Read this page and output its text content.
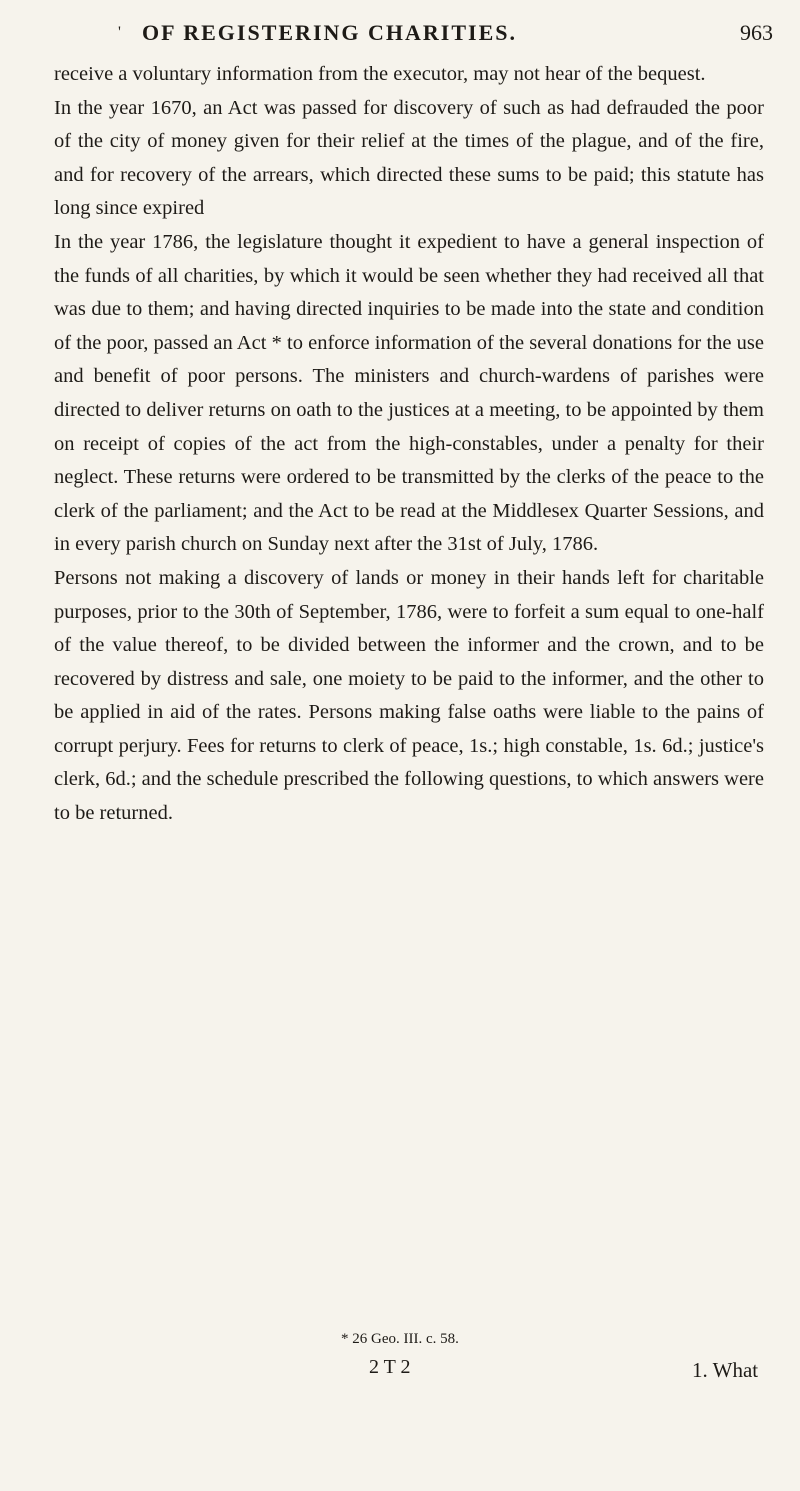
' OF REGISTERING CHARITIES.	963

receive a voluntary information from the executor, may not hear of the bequest.

In the year 1670, an Act was passed for discovery of such as had defrauded the poor of the city of money given for their relief at the times of the plague, and of the fire, and for recovery of the arrears, which directed these sums to be paid; this statute has long since expired

In the year 1786, the legislature thought it expedient to have a general inspection of the funds of all charities, by which it would be seen whether they had received all that was due to them; and having directed inquiries to be made into the state and condition of the poor, passed an Act * to enforce information of the several donations for the use and benefit of poor persons. The ministers and church-wardens of parishes were directed to deliver returns on oath to the justices at a meeting, to be appointed by them on receipt of copies of the act from the high-constables, under a penalty for their neglect. These returns were ordered to be transmitted by the clerks of the peace to the clerk of the parliament; and the Act to be read at the Middlesex Quarter Sessions, and in every parish church on Sunday next after the 31st of July, 1786.

Persons not making a discovery of lands or money in their hands left for charitable purposes, prior to the 30th of September, 1786, were to forfeit a sum equal to one-half of the value thereof, to be divided between the informer and the crown, and to be recovered by distress and sale, one moiety to be paid to the informer, and the other to be applied in aid of the rates. Persons making false oaths were liable to the pains of corrupt perjury. Fees for returns to clerk of peace, 1s.; high constable, 1s. 6d.; justice's clerk, 6d.; and the schedule prescribed the following questions, to which answers were to be returned.

* 26 Geo. III. c. 58.
2 T 2	1. What
